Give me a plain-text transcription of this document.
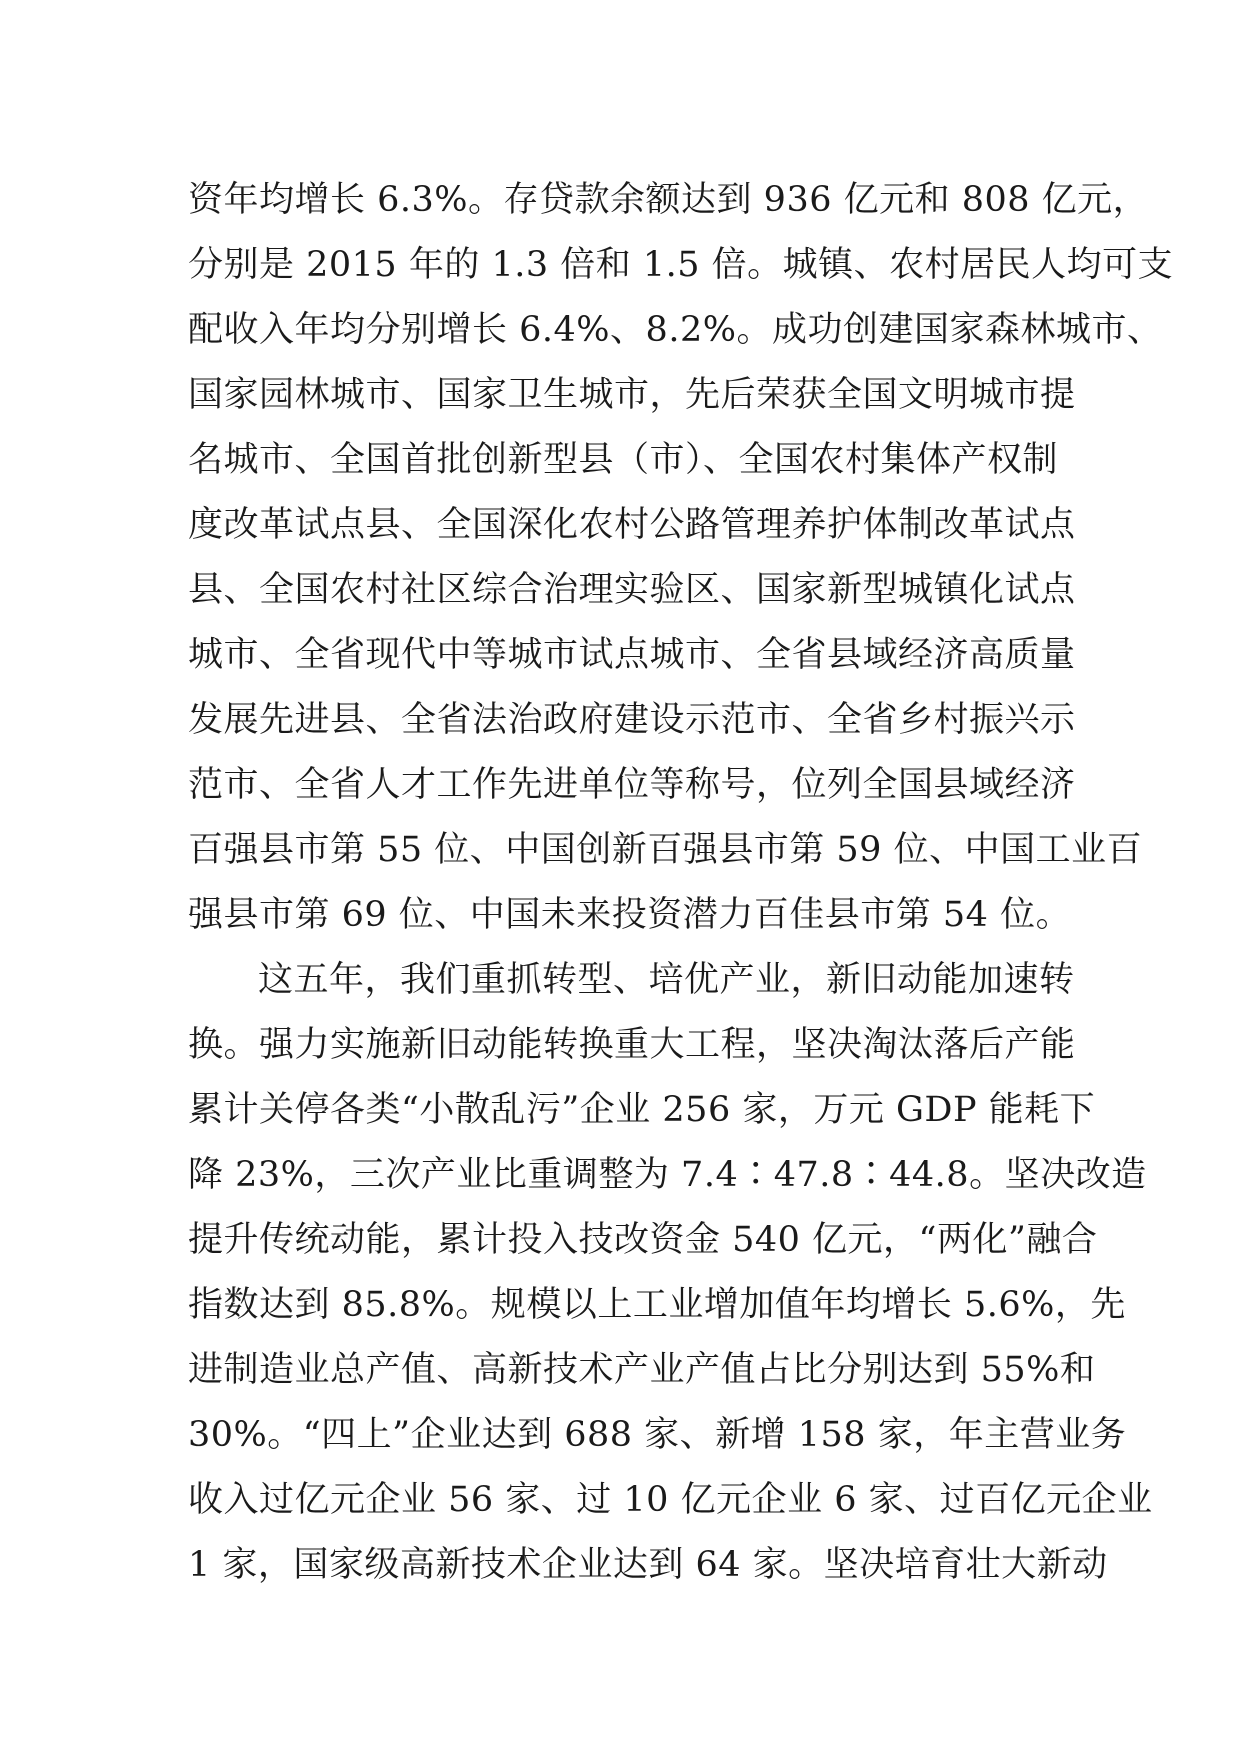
资年均增长 6.3%。存贷款余额达到 936 亿元和 808 亿元，
分别是 2015 年的 1.3 倍和 1.5 倍。城镇、农村居民人均可支
配收入年均分别增长 6.4%、8.2%。成功创建国家森林城市、
国家园林城市、国家卫生城市，先后荣获全国文明城市提
名城市、全国首批创新型县（市）、全国农村集体产权制
度改革试点县、全国深化农村公路管理养护体制改革试点
县、全国农村社区综合治理实验区、国家新型城镇化试点
城市、全省现代中等城市试点城市、全省县域经济高质量
发展先进县、全省法治政府建设示范市、全省乡村振兴示
范市、全省人才工作先进单位等称号，位列全国县域经济
百强县市第 55 位、中国创新百强县市第 59 位、中国工业百
强县市第 69 位、中国未来投资潜力百佳县市第 54 位。
这五年，我们重抓转型、培优产业，新旧动能加速转
换。强力实施新旧动能转换重大工程，坚决淘汰落后产能
累计关停各类“小散乱污”企业 256 家，万元 GDP 能耗下
降 23%，三次产业比重调整为 7.4∶47.8∶44.8。坚决改造
提升传统动能，累计投入技改资金 540 亿元，“两化”融合
指数达到 85.8%。规模以上工业增加值年均增长 5.6%，先
进制造业总产值、高新技术产业产值占比分别达到 55%和
30%。“四上”企业达到 688 家、新增 158 家，年主营业务
收入过亿元企业 56 家、过 10 亿元企业 6 家、过百亿元企业
1 家，国家级高新技术企业达到 64 家。坚决培育壮大新动
